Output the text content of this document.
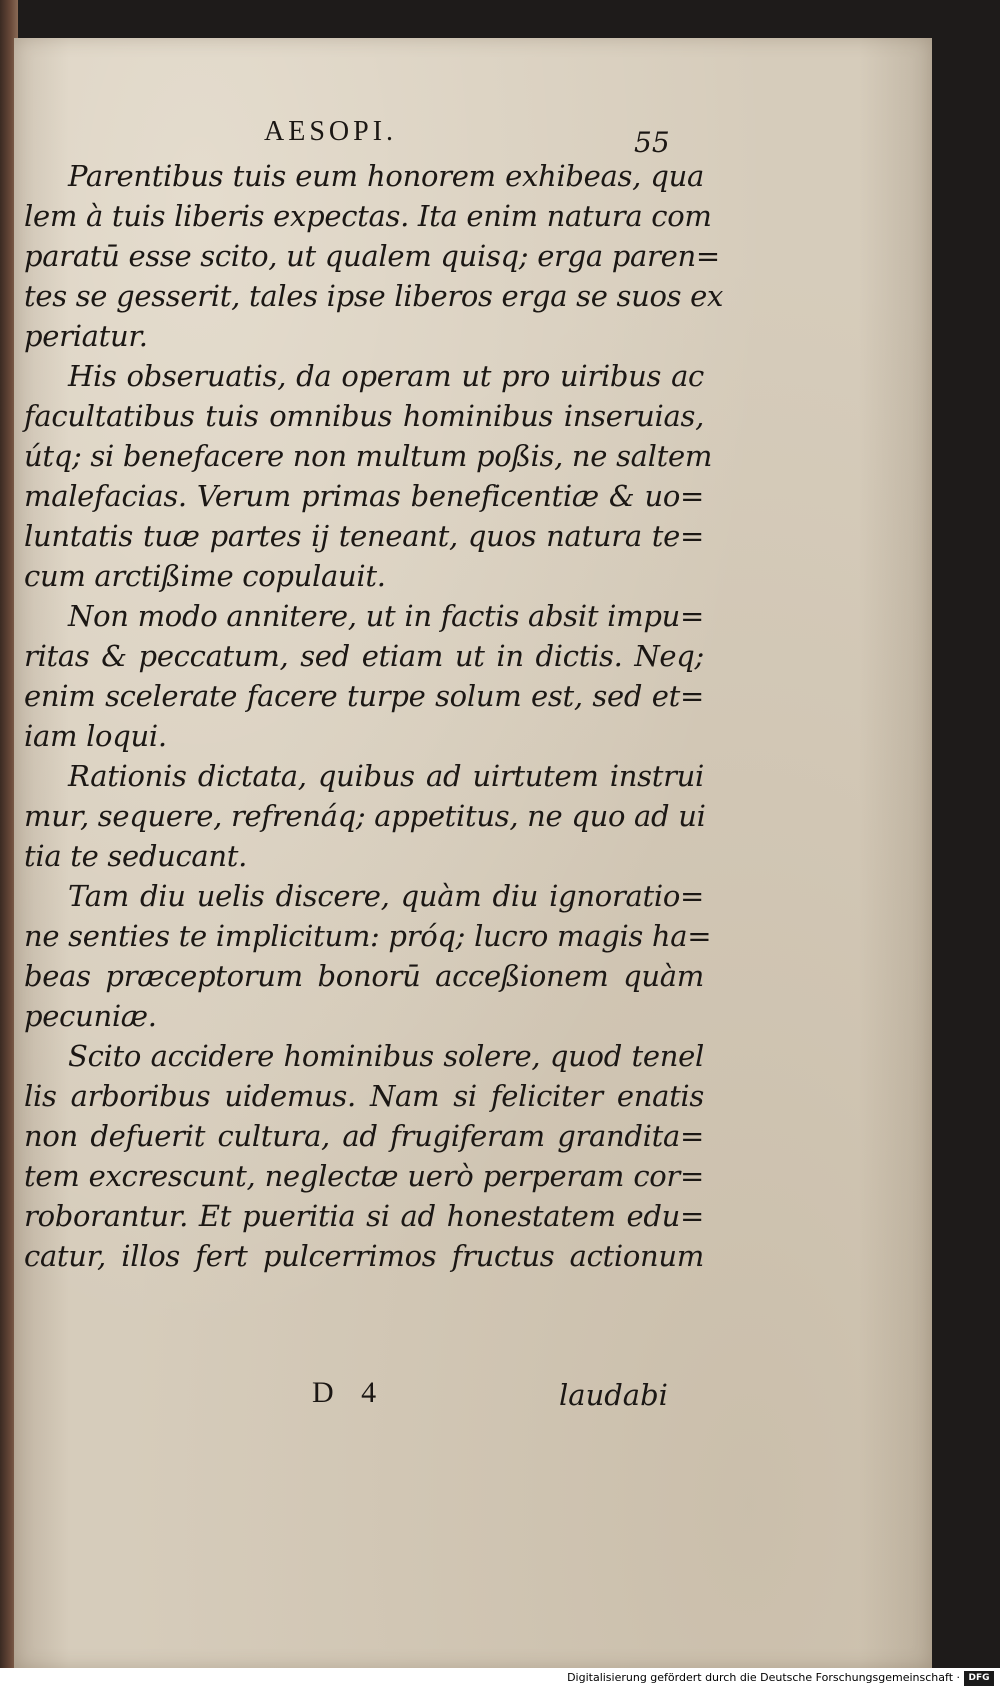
AESOPI.	55
Parentibus tuis eum honorem exhibeas, qua
lem à tuis liberis expectas. Ita enim natura com
paratū esse scito, ut qualem quisq; erga paren=
tes se gesserit, tales ipse liberos erga se suos ex
periatur.
His obseruatis, da operam ut pro uiribus ac
facultatibus tuis omnibus hominibus inseruias,
útq; si benefacere non multum poßis, ne saltem
malefacias. Verum primas beneficentiæ & uo=
luntatis tuæ partes ij teneant, quos natura te=
cum arctißime copulauit.
Non modo annitere, ut in factis absit impu=
ritas & peccatum, sed etiam ut in dictis. Neq;
enim scelerate facere turpe solum est, sed et=
iam loqui.
Rationis dictata, quibus ad uirtutem instrui
mur, sequere, refrenáq; appetitus, ne quo ad ui
tia te seducant.
Tam diu uelis discere, quàm diu ignoratio=
ne senties te implicitum: próq; lucro magis ha=
beas præceptorum bonorū acceßionem quàm
pecuniæ.
Scito accidere hominibus solere, quod tenel
lis arboribus uidemus. Nam si feliciter enatis
non defuerit cultura, ad frugiferam grandita=
tem excrescunt, neglectæ uerò perperam cor=
roborantur. Et pueritia si ad honestatem edu=
catur, illos fert pulcerrimos fructus actionum
D 4	laudabi
Digitalisierung gefördert durch die Deutsche Forschungsgemeinschaft · DFG
